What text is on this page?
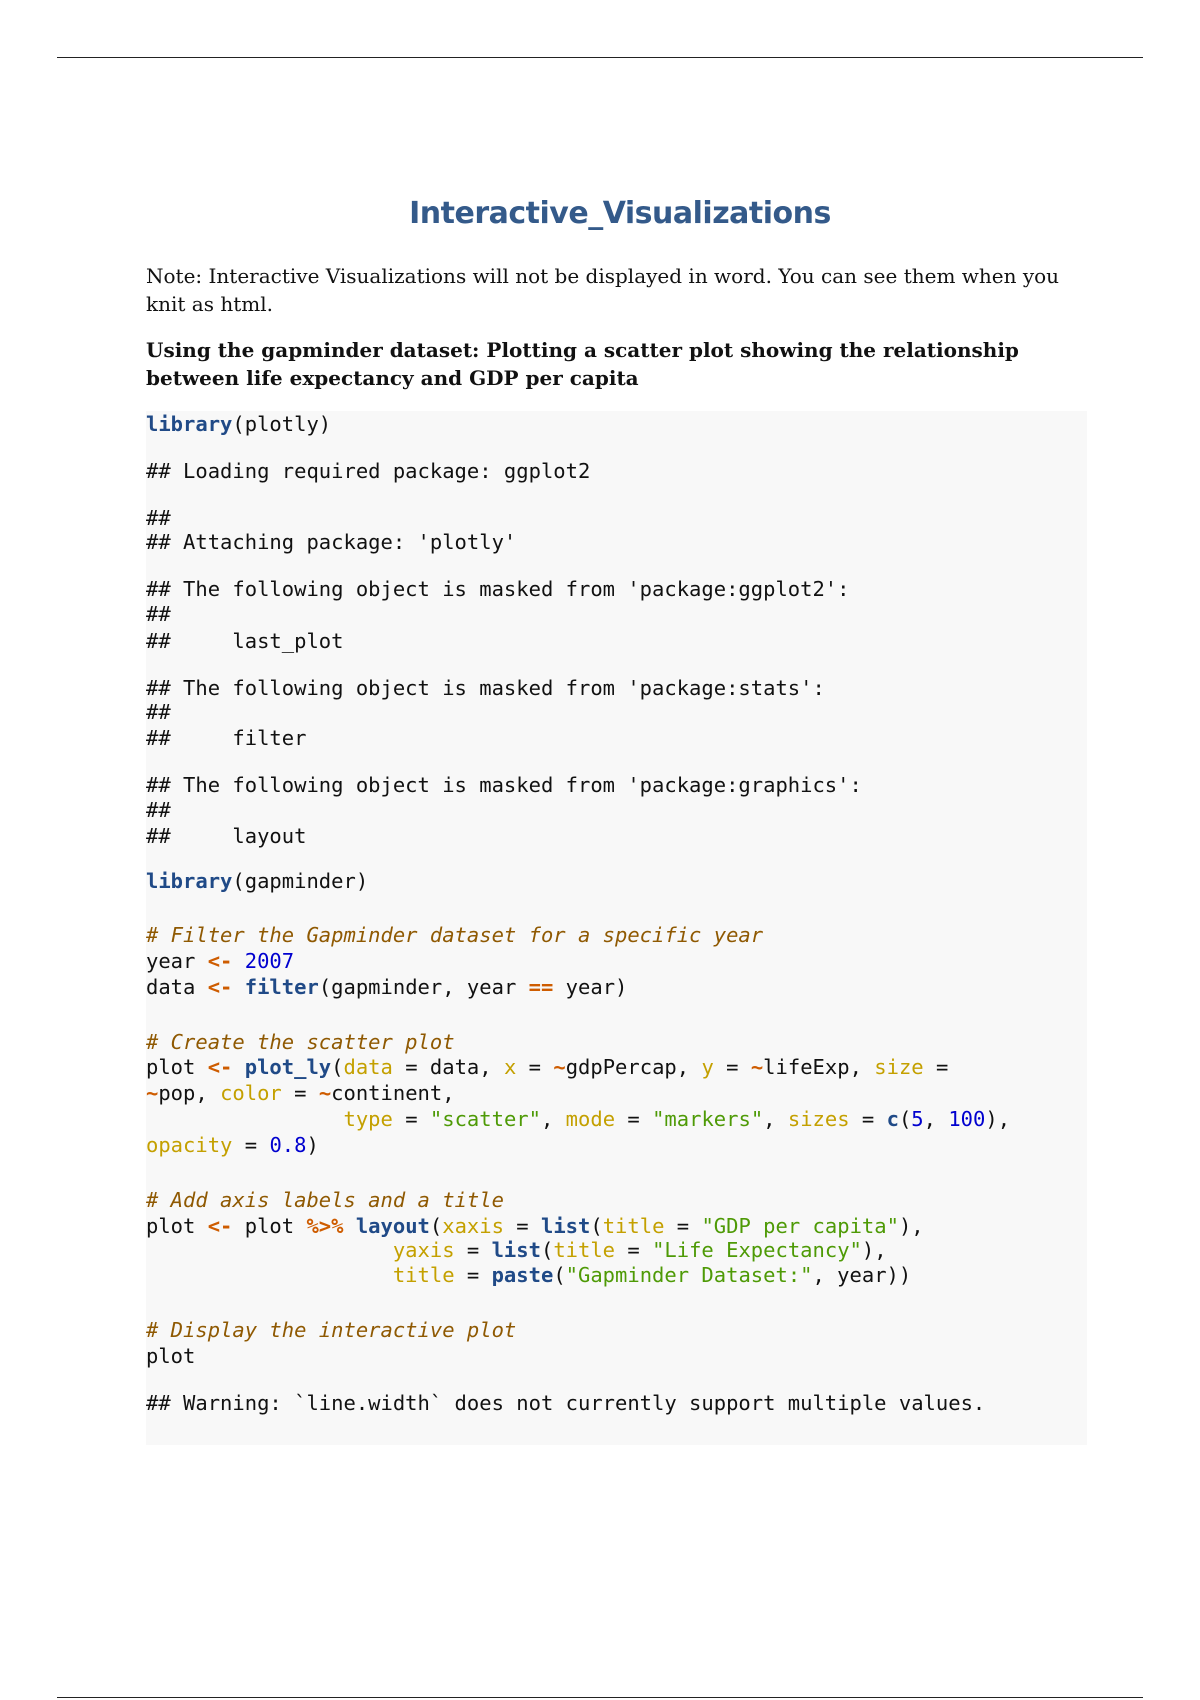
Interactive_Visualizations

Note: Interactive Visualizations will not be displayed in word. You can see them when you knit as html.

Using the gapminder dataset: Plotting a scatter plot showing the relationship between life expectancy and GDP per capita

library(plotly)

## Loading required package: ggplot2

##

## Attaching package: 'plotly'

## The following object is masked from 'package:ggplot2':

##

##     last_plot

## The following object is masked from 'package:stats':

##

##     filter

## The following object is masked from 'package:graphics':

##

##     layout

library(gapminder)

# Filter the Gapminder dataset for a specific year

year <- 2007

data <- filter(gapminder, year == year)

# Create the scatter plot

plot <- plot_ly(data = data, x = ~gdpPercap, y = ~lifeExp, size =

~pop, color = ~continent,

type = "scatter", mode = "markers", sizes = c(5, 100),

opacity = 0.8)

# Add axis labels and a title

plot <- plot %>% layout(xaxis = list(title = "GDP per capita"),

yaxis = list(title = "Life Expectancy"),

title = paste("Gapminder Dataset:", year))

# Display the interactive plot

plot

## Warning: `line.width` does not currently support multiple values.
